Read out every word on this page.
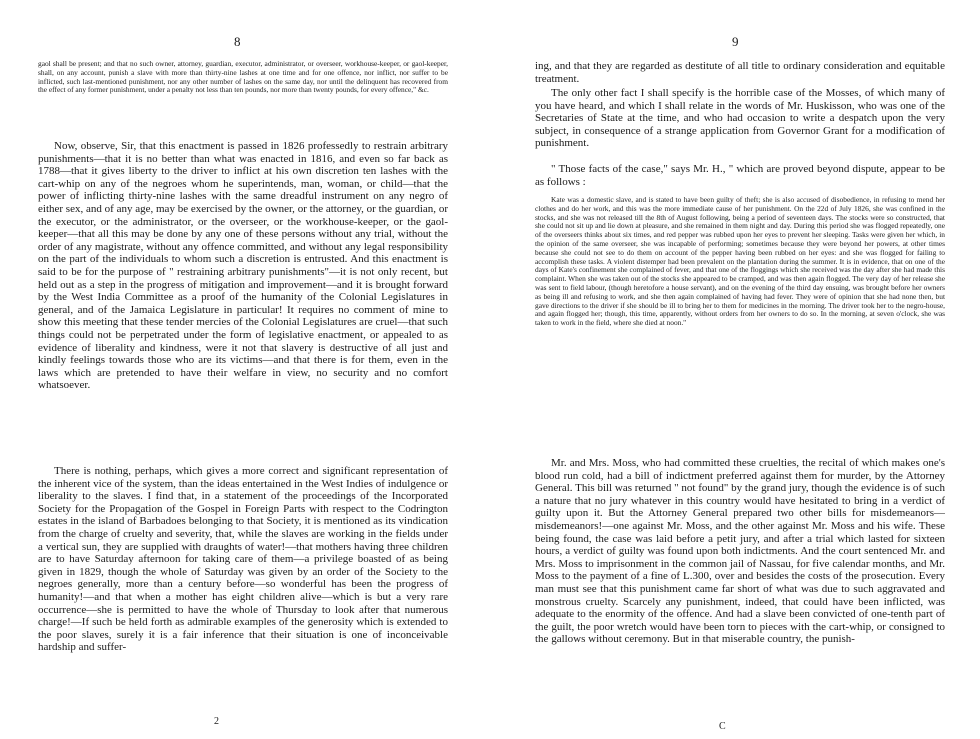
8
gaol shall be present; and that no such owner, attorney, guardian, executor, administrator, or overseer, workhouse-keeper, or gaol-keeper, shall, on any account, punish a slave with more than thirty-nine lashes at one time and for one offence, nor inflict, nor suffer to be inflicted, such last-mentioned punishment, nor any other number of lashes on the same day, nor until the delinquent has recovered from the effect of any former punishment, under a penalty not less than ten pounds, nor more than twenty pounds, for every offence," &c.
Now, observe, Sir, that this enactment is passed in 1826 professedly to restrain arbitrary punishments—that it is no better than what was enacted in 1816, and even so far back as 1788—that it gives liberty to the driver to inflict at his own discretion ten lashes with the cart-whip on any of the negroes whom he superintends, man, woman, or child—that the power of inflicting thirty-nine lashes with the same dreadful instrument on any negro of either sex, and of any age, may be exercised by the owner, or the attorney, or the guardian, or the executor, or the administrator, or the overseer, or the workhouse-keeper, or the gaol-keeper—that all this may be done by any one of these persons without any trial, without the order of any magistrate, without any offence committed, and without any legal responsibility on the part of the individuals to whom such a discretion is entrusted. And this enactment is said to be for the purpose of " restraining arbitrary punishments"—it is not only recent, but held out as a step in the progress of mitigation and improvement—and it is brought forward by the West India Committee as a proof of the humanity of the Colonial Legislatures in general, and of the Jamaica Legislature in particular! It requires no comment of mine to show this meeting that these tender mercies of the Colonial Legislatures are cruel—that such things could not be perpetrated under the form of legislative enactment, or appealed to as evidence of liberality and kindness, were it not that slavery is destructive of all just and kindly feelings towards those who are its victims—and that there is for them, even in the laws which are pretended to have their welfare in view, no security and no comfort whatsoever.
There is nothing, perhaps, which gives a more correct and significant representation of the inherent vice of the system, than the ideas entertained in the West Indies of indulgence or liberality to the slaves. I find that, in a statement of the proceedings of the Incorporated Society for the Propagation of the Gospel in Foreign Parts with respect to the Codrington estates in the island of Barbadoes belonging to that Society, it is mentioned as its vindication from the charge of cruelty and severity, that, while the slaves are working in the fields under a vertical sun, they are supplied with draughts of water!—that mothers having three children are to have Saturday afternoon for taking care of them—a privilege boasted of as being given in 1829, though the whole of Saturday was given by an order of the Society to the negroes generally, more than a century before—so wonderful has been the progress of humanity!—and that when a mother has eight children alive—which is but a very rare occurrence—she is permitted to have the whole of Thursday to look after that numerous charge!—If such be held forth as admirable examples of the generosity which is extended to the poor slaves, surely it is a fair inference that their situation is one of inconceivable hardship and suffer-
2
9
ing, and that they are regarded as destitute of all title to ordinary consideration and equitable treatment.
The only other fact I shall specify is the horrible case of the Mosses, of which many of you have heard, and which I shall relate in the words of Mr. Huskisson, who was one of the Secretaries of State at the time, and who had occasion to write a despatch upon the very subject, in consequence of a strange application from Governor Grant for a modification of punishment.
" Those facts of the case," says Mr. H., " which are proved beyond dispute, appear to be as follows :
Kate was a domestic slave, and is stated to have been guilty of theft; she is also accused of disobedience, in refusing to mend her clothes and do her work, and this was the more immediate cause of her punishment. On the 22d of July 1826, she was confined in the stocks, and she was not released till the 8th of August following, being a period of seventeen days. The stocks were so constructed, that she could not sit up and lie down at pleasure, and she remained in them night and day. During this period she was flogged repeatedly, one of the overseers thinks about six times, and red pepper was rubbed upon her eyes to prevent her sleeping. Tasks were given her which, in the opinion of the same overseer, she was incapable of performing; sometimes because they were beyond her powers, at other times because she could not see to do them on account of the pepper having been rubbed on her eyes: and she was flogged for failing to accomplish these tasks. A violent distemper had been prevalent on the plantation during the summer. It is in evidence, that on one of the days of Kate's confinement she complained of fever, and that one of the floggings which she received was the day after she had made this complaint. When she was taken out of the stocks she appeared to be cramped, and was then again flogged. The very day of her release she was sent to field labour, (though heretofore a house servant), and on the evening of the third day ensuing, was brought before her owners as being ill and refusing to work, and she then again complained of having had fever. They were of opinion that she had none then, but gave directions to the driver if she should be ill to bring her to them for medicines in the morning. The driver took her to the negro-house, and again flogged her; though, this time, apparently, without orders from her owners to do so. In the morning, at seven o'clock, she was taken to work in the field, where she died at noon."
Mr. and Mrs. Moss, who had committed these cruelties, the recital of which makes one's blood run cold, had a bill of indictment preferred against them for murder, by the Attorney General. This bill was returned " not found" by the grand jury, though the evidence is of such a nature that no jury whatever in this country would have hesitated to bring in a verdict of guilty upon it. But the Attorney General prepared two other bills for misdemeanors—misdemeanors!—one against Mr. Moss, and the other against Mr. Moss and his wife. These being found, the case was laid before a petit jury, and after a trial which lasted for sixteen hours, a verdict of guilty was found upon both indictments. And the court sentenced Mr. and Mrs. Moss to imprisonment in the common jail of Nassau, for five calendar months, and Mr. Moss to the payment of a fine of L.300, over and besides the costs of the prosecution. Every man must see that this punishment came far short of what was due to such aggravated and monstrous cruelty. Scarcely any punishment, indeed, that could have been inflicted, was adequate to the enormity of the offence. And had a slave been convicted of one-tenth part of the guilt, the poor wretch would have been torn to pieces with the cart-whip, or consigned to the gallows without ceremony. But in that miserable country, the punish-
C
